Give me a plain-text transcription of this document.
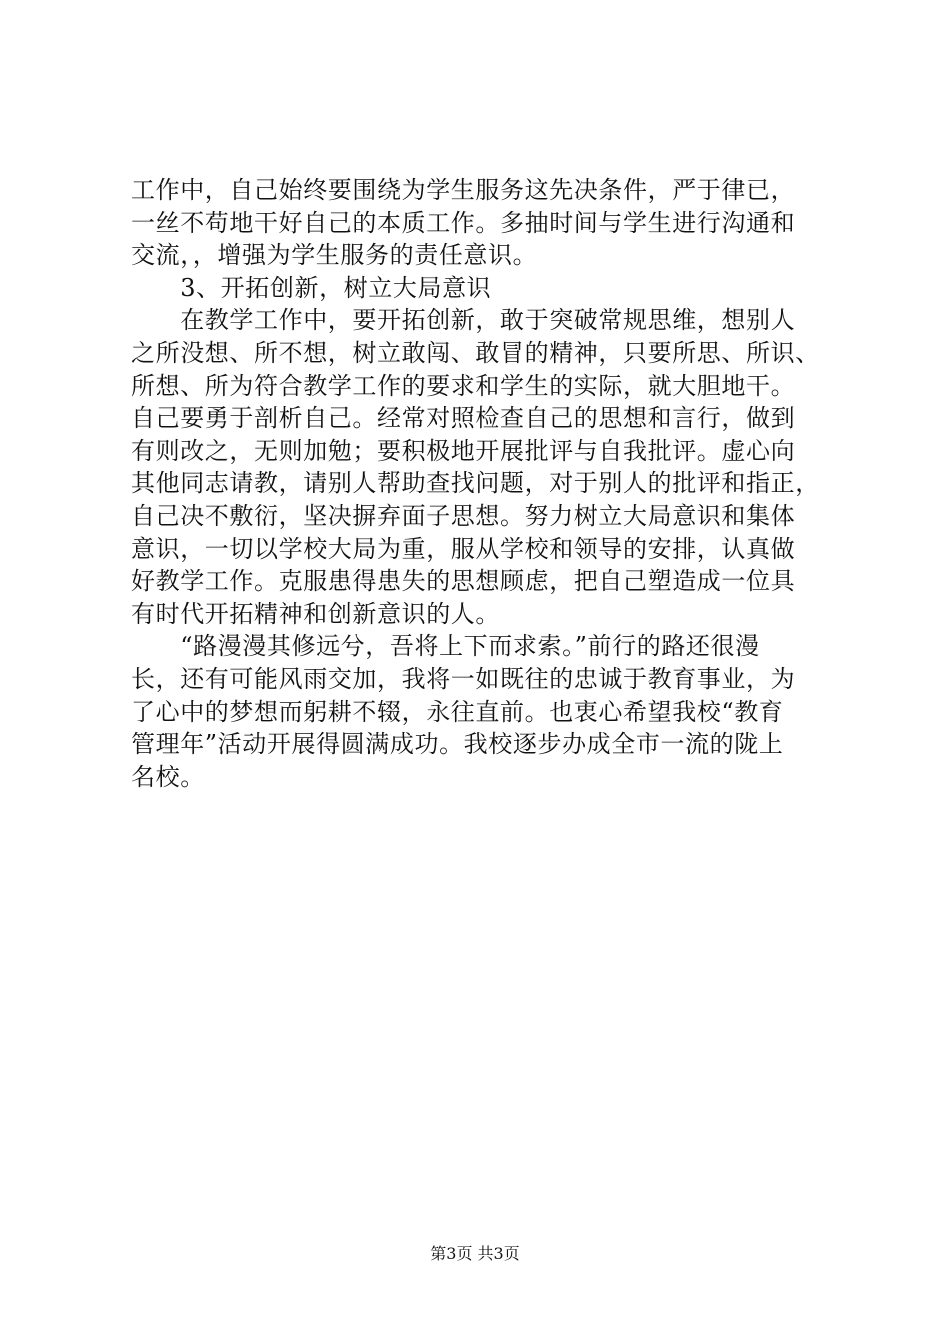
工作中，自己始终要围绕为学生服务这先决条件，严于律已，
一丝不苟地干好自己的本质工作。多抽时间与学生进行沟通和
交流，，增强为学生服务的责任意识。
　　3、开拓创新，树立大局意识
　　在教学工作中，要开拓创新，敢于突破常规思维，想别人
之所没想、所不想，树立敢闯、敢冒的精神，只要所思、所识、
所想、所为符合教学工作的要求和学生的实际，就大胆地干。
自己要勇于剖析自己。经常对照检查自己的思想和言行，做到
有则改之，无则加勉；要积极地开展批评与自我批评。虚心向
其他同志请教，请别人帮助查找问题，对于别人的批评和指正，
自己决不敷衍，坚决摒弃面子思想。努力树立大局意识和集体
意识，一切以学校大局为重，服从学校和领导的安排，认真做
好教学工作。克服患得患失的思想顾虑，把自己塑造成一位具
有时代开拓精神和创新意识的人。
　　“路漫漫其修远兮，吾将上下而求索。”前行的路还很漫
长，还有可能风雨交加，我将一如既往的忠诚于教育事业，为
了心中的梦想而躬耕不辍，永往直前。也衷心希望我校“教育
管理年”活动开展得圆满成功。我校逐步办成全市一流的陇上
名校。
第3页 共3页
